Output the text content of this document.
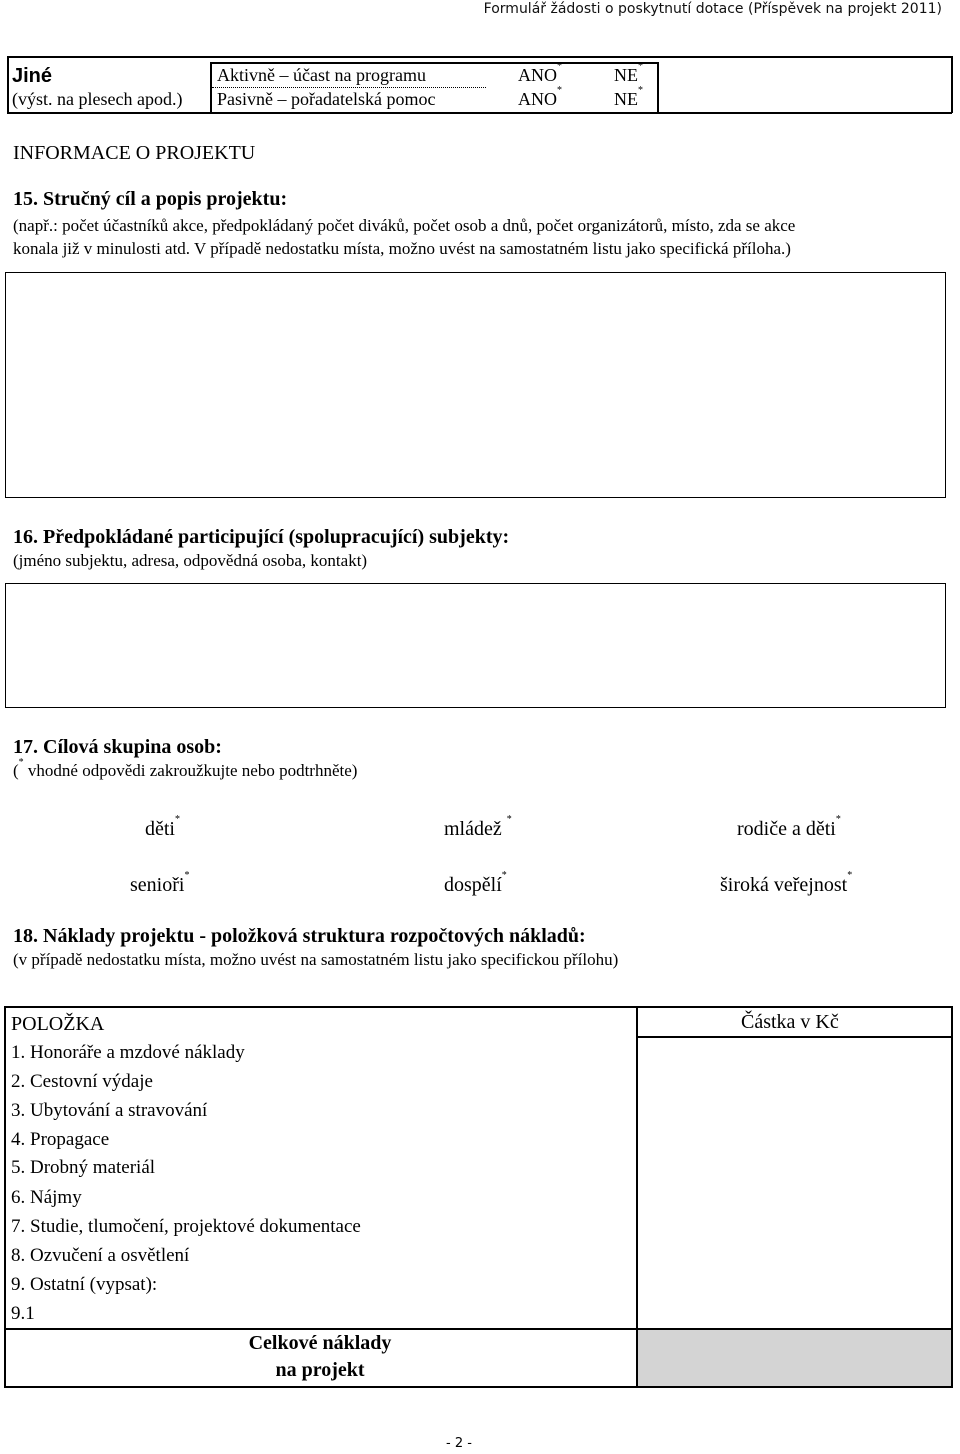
Formulář žádosti o poskytnutí dotace (Příspěvek na projekt 2011)
Jiné
(výst. na plesech apod.)
Aktivně – účast na programu	ANO*	NE*
Pasivně – pořadatelská pomoc	ANO*	NE*
INFORMACE O PROJEKTU
15. Stručný cíl a popis projektu:
(např.: počet účastníků akce, předpokládaný počet diváků, počet osob a dnů, počet organizátorů, místo, zda se akce
konala již v minulosti atd. V případě nedostatku místa, možno uvést na samostatném listu jako specifická příloha.)
16. Předpokládané participující (spolupracující) subjekty:
(jméno subjektu, adresa, odpovědná osoba, kontakt)
17. Cílová skupina osob:
(* vhodné odpovědi zakroužkujte nebo podtrhněte)
děti*	mládež *	rodiče a děti*
senioři*	dospělí*	široká veřejnost*
18. Náklady projektu - položková struktura rozpočtových nákladů:
(v případě nedostatku místa, možno uvést na samostatném listu jako specifickou přílohu)
POLOŽKA	Částka v Kč
1. Honoráře a mzdové náklady
2. Cestovní výdaje
3. Ubytování a stravování
4. Propagace
5. Drobný materiál
6. Nájmy
7. Studie, tlumočení, projektové dokumentace
8. Ozvučení a osvětlení
9. Ostatní (vypsat):
9.1
Celkové náklady
na projekt
- 2 -
